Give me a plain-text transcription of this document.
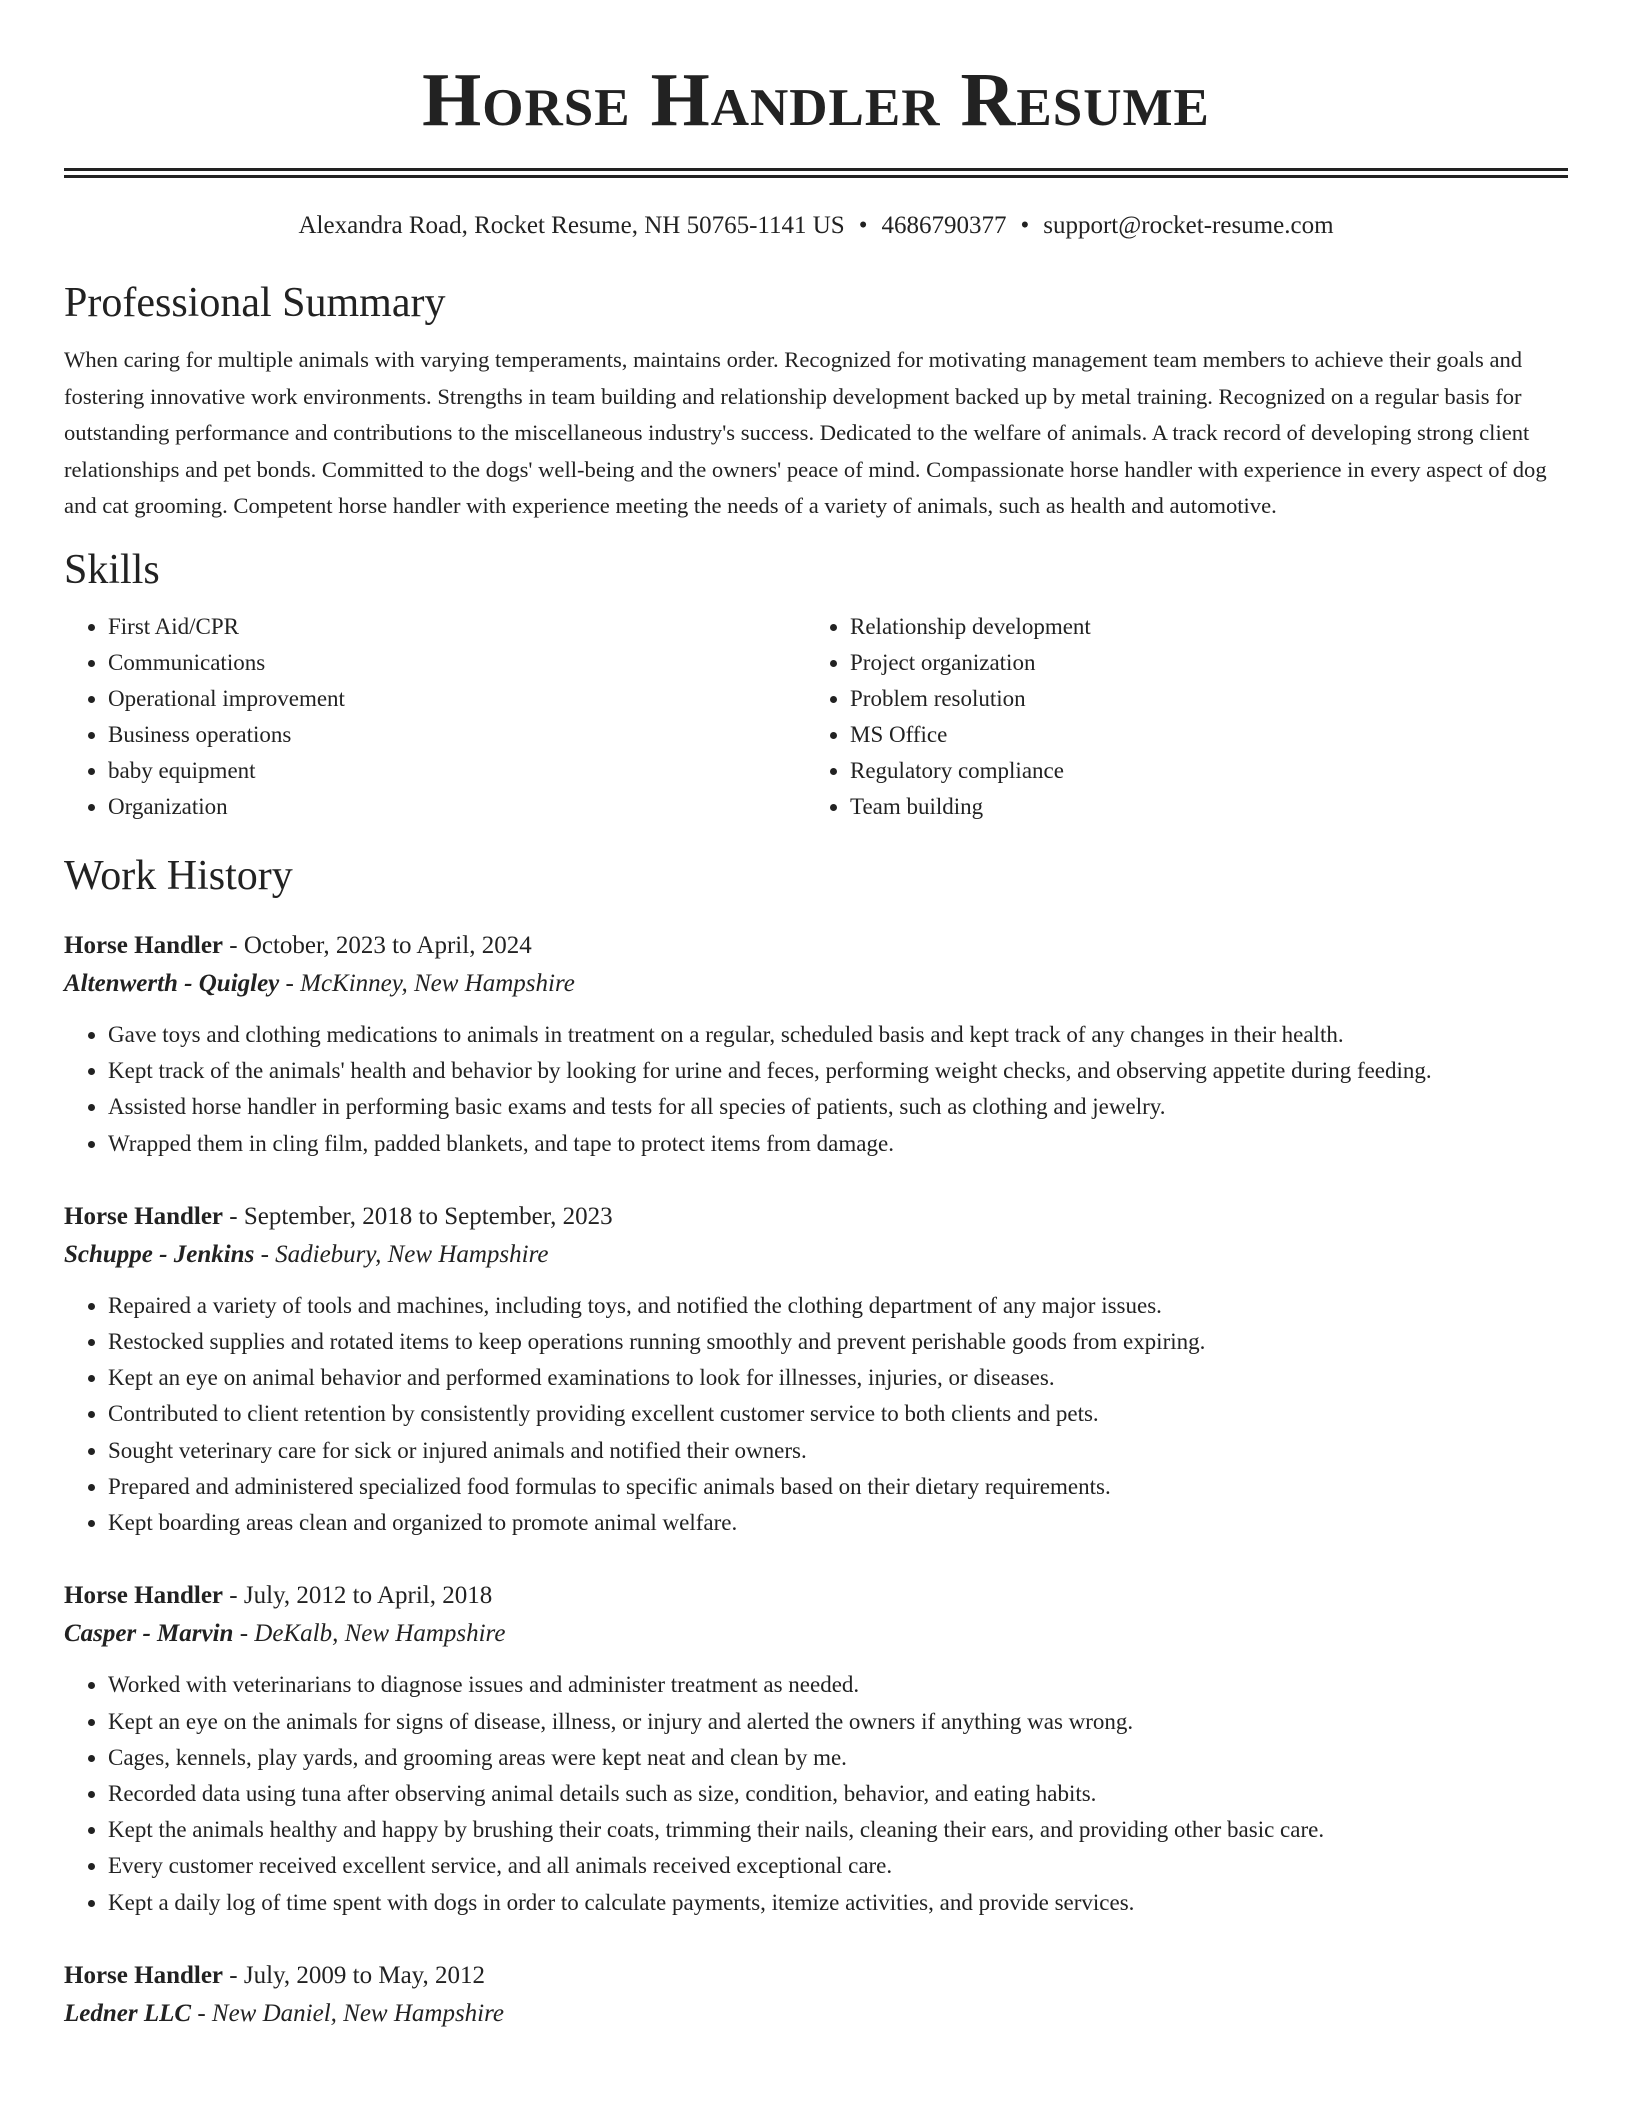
Horse Handler Resume
Alexandra Road, Rocket Resume, NH 50765-1141 US • 4686790377 • support@rocket-resume.com
Professional Summary

When caring for multiple animals with varying temperaments, maintains order. Recognized for motivating management team members to achieve their goals and fostering innovative work environments. Strengths in team building and relationship development backed up by metal training. Recognized on a regular basis for outstanding performance and contributions to the miscellaneous industry's success. Dedicated to the welfare of animals. A track record of developing strong client relationships and pet bonds. Committed to the dogs' well-being and the owners' peace of mind. Compassionate horse handler with experience in every aspect of dog and cat grooming. Competent horse handler with experience meeting the needs of a variety of animals, such as health and automotive.

Skills
• First Aid/CPR
• Communications
• Operational improvement
• Business operations
• baby equipment
• Organization
• Relationship development
• Project organization
• Problem resolution
• MS Office
• Regulatory compliance
• Team building
Work History
Horse Handler - October, 2023 to April, 2024
Altenwerth - Quigley - McKinney, New Hampshire
• Gave toys and clothing medications to animals in treatment on a regular, scheduled basis and kept track of any changes in their health.
• Kept track of the animals' health and behavior by looking for urine and feces, performing weight checks, and observing appetite during feeding.
• Assisted horse handler in performing basic exams and tests for all species of patients, such as clothing and jewelry.
• Wrapped them in cling film, padded blankets, and tape to protect items from damage.
Horse Handler - September, 2018 to September, 2023
Schuppe - Jenkins - Sadiebury, New Hampshire
• Repaired a variety of tools and machines, including toys, and notified the clothing department of any major issues.
• Restocked supplies and rotated items to keep operations running smoothly and prevent perishable goods from expiring.
• Kept an eye on animal behavior and performed examinations to look for illnesses, injuries, or diseases.
• Contributed to client retention by consistently providing excellent customer service to both clients and pets.
• Sought veterinary care for sick or injured animals and notified their owners.
• Prepared and administered specialized food formulas to specific animals based on their dietary requirements.
• Kept boarding areas clean and organized to promote animal welfare.
Horse Handler - July, 2012 to April, 2018
Casper - Marvin - DeKalb, New Hampshire
• Worked with veterinarians to diagnose issues and administer treatment as needed.
• Kept an eye on the animals for signs of disease, illness, or injury and alerted the owners if anything was wrong.
• Cages, kennels, play yards, and grooming areas were kept neat and clean by me.
• Recorded data using tuna after observing animal details such as size, condition, behavior, and eating habits.
• Kept the animals healthy and happy by brushing their coats, trimming their nails, cleaning their ears, and providing other basic care.
• Every customer received excellent service, and all animals received exceptional care.
• Kept a daily log of time spent with dogs in order to calculate payments, itemize activities, and provide services.
Horse Handler - July, 2009 to May, 2012
Ledner LLC - New Daniel, New Hampshire
